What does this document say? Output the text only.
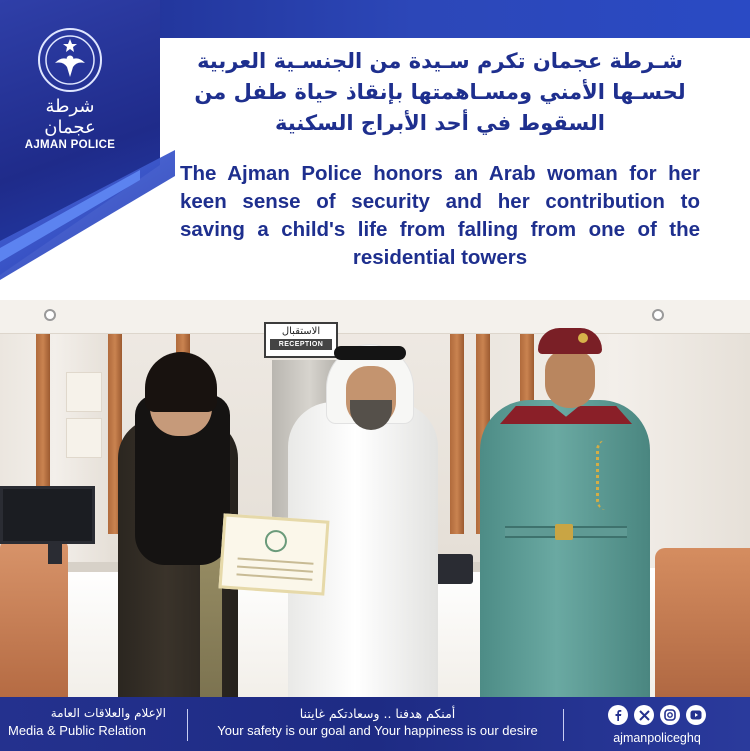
شرطة عجمان
AJMAN POLICE
شـرطة عجمان تكرم سـيدة من الجنسـية العربية
لحسـها الأمني ومسـاهمتها بإنقاذ حياة طفل من
السقوط في أحد الأبراج السكنية
The Ajman Police honors an Arab woman for her keen sense of security and her contribution to saving a child's life from falling from one of the residential towers
الاستقبال
RECEPTION
الإعلام والعلاقات العامة
Media & Public Relation
أمنكم هدفنا .. وسعادتكم غايتنا
Your safety is our goal and Your happiness is our desire	ajmanpoliceghq
